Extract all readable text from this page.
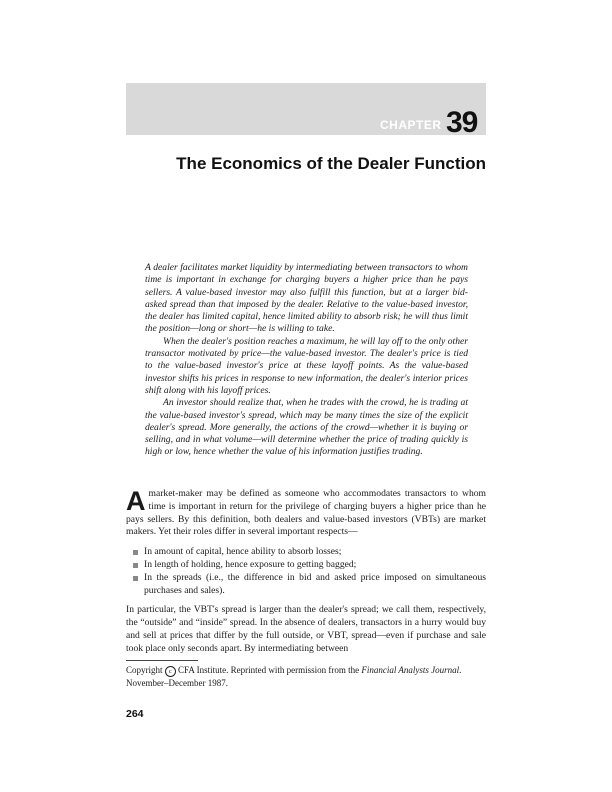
CHAPTER 39
The Economics of the Dealer Function

A dealer facilitates market liquidity by intermediating between transactors to whom time is important in exchange for charging buyers a higher price than he pays sellers. A value-based investor may also fulfill this function, but at a larger bid-asked spread than that imposed by the dealer. Relative to the value-based investor, the dealer has limited capital, hence limited ability to absorb risk; he will thus limit the position—long or short—he is willing to take.

When the dealer's position reaches a maximum, he will lay off to the only other transactor motivated by price—the value-based investor. The dealer's price is tied to the value-based investor's price at these layoff points. As the value-based investor shifts his prices in response to new information, the dealer's interior prices shift along with his layoff prices.

An investor should realize that, when he trades with the crowd, he is trading at the value-based investor's spread, which may be many times the size of the explicit dealer's spread. More generally, the actions of the crowd—whether it is buying or selling, and in what volume—will determine whether the price of trading quickly is high or low, hence whether the value of his information justifies trading.

Amarket-maker may be defined as someone who accommodates transactors to whom time is important in return for the privilege of charging buyers a higher price than he pays sellers. By this definition, both dealers and value-based investors (VBTs) are market makers. Yet their roles differ in several important respects—

In amount of capital, hence ability to absorb losses;
In length of holding, hence exposure to getting bagged;
In the spreads (i.e., the difference in bid and asked price imposed on simultaneous purchases and sales).

In particular, the VBT's spread is larger than the dealer's spread; we call them, respectively, the “outside” and “inside” spread. In the absence of dealers, transactors in a hurry would buy and sell at prices that differ by the full outside, or VBT, spread—even if purchase and sale took place only seconds apart. By intermediating between

Copyright c CFA Institute. Reprinted with permission from the Financial Analysts Journal. November–December 1987.
264
